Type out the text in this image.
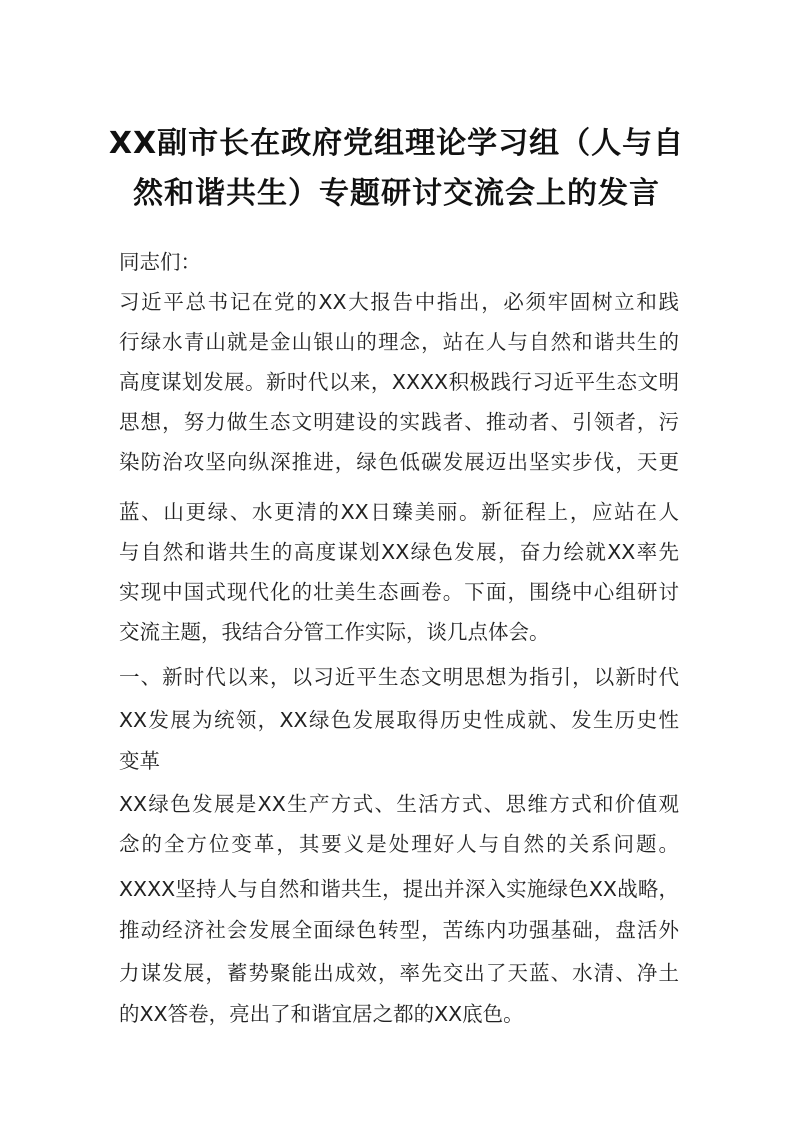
XX副市长在政府党组理论学习组（人与自
然和谐共生）专题研讨交流会上的发言
同志们：
习近平总书记在党的XX大报告中指出，必须牢固树立和践
行绿水青山就是金山银山的理念，站在人与自然和谐共生的
高度谋划发展。新时代以来，XXXX积极践行习近平生态文明
思想，努力做生态文明建设的实践者、推动者、引领者，污
染防治攻坚向纵深推进，绿色低碳发展迈出坚实步伐，天更
蓝、山更绿、水更清的XX日臻美丽。新征程上，应站在人
与自然和谐共生的高度谋划XX绿色发展，奋力绘就XX率先
实现中国式现代化的壮美生态画卷。下面，围绕中心组研讨
交流主题，我结合分管工作实际，谈几点体会。
一、新时代以来，以习近平生态文明思想为指引，以新时代
XX发展为统领，XX绿色发展取得历史性成就、发生历史性
变革
XX绿色发展是XX生产方式、生活方式、思维方式和价值观
念的全方位变革，其要义是处理好人与自然的关系问题。
XXXX坚持人与自然和谐共生，提出并深入实施绿色XX战略，
推动经济社会发展全面绿色转型，苦练内功强基础，盘活外
力谋发展，蓄势聚能出成效，率先交出了天蓝、水清、净土
的XX答卷，亮出了和谐宜居之都的XX底色。
